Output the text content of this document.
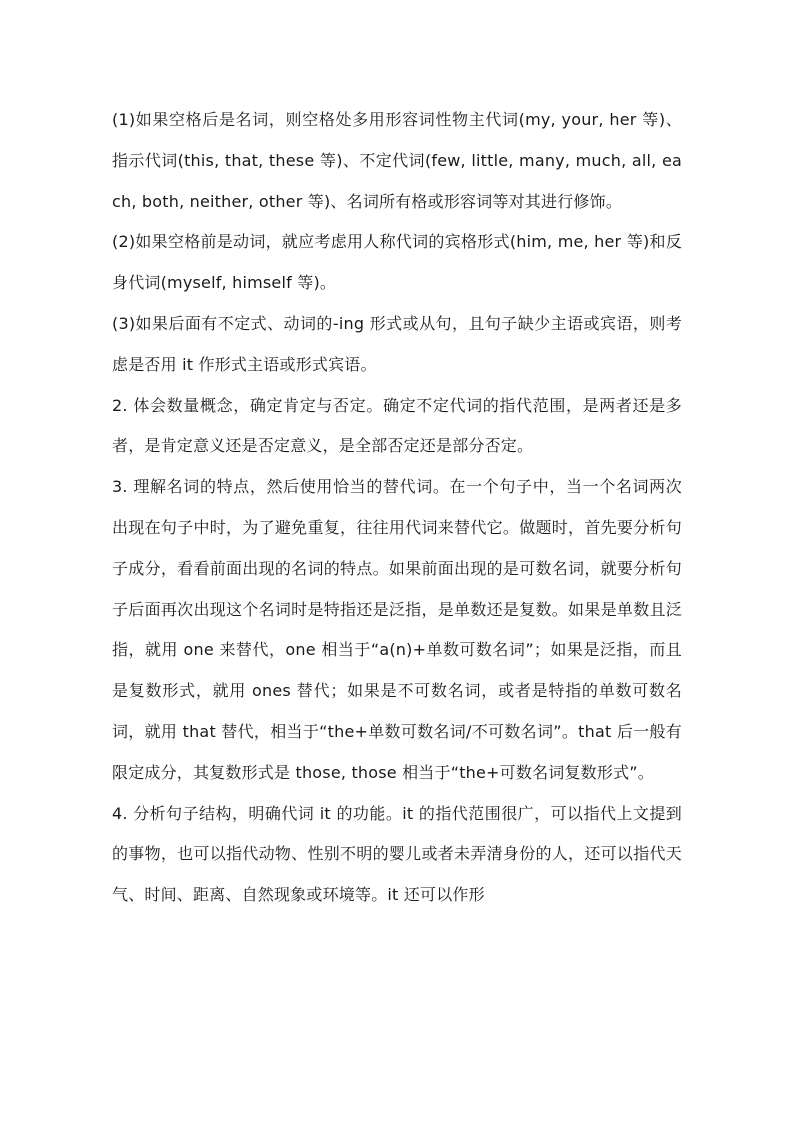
(1)如果空格后是名词，则空格处多用形容词性物主代词(my, your, her 等)、指示代词(this, that, these 等)、不定代词(few, little, many, much, all, each, both, neither, other 等)、名词所有格或形容词等对其进行修饰。

(2)如果空格前是动词，就应考虑用人称代词的宾格形式(him, me, her 等)和反身代词(myself, himself 等)。

(3)如果后面有不定式、动词的-ing 形式或从句，且句子缺少主语或宾语，则考虑是否用 it 作形式主语或形式宾语。

2. 体会数量概念，确定肯定与否定。确定不定代词的指代范围，是两者还是多者，是肯定意义还是否定意义，是全部否定还是部分否定。

3. 理解名词的特点，然后使用恰当的替代词。在一个句子中，当一个名词两次出现在句子中时，为了避免重复，往往用代词来替代它。做题时，首先要分析句子成分，看看前面出现的名词的特点。如果前面出现的是可数名词，就要分析句子后面再次出现这个名词时是特指还是泛指，是单数还是复数。如果是单数且泛指，就用 one 来替代，one 相当于“a(n)+单数可数名词”；如果是泛指，而且是复数形式，就用 ones 替代；如果是不可数名词，或者是特指的单数可数名词，就用 that 替代，相当于“the+单数可数名词/不可数名词”。that 后一般有限定成分，其复数形式是 those, those 相当于“the+可数名词复数形式”。

4. 分析句子结构，明确代词 it 的功能。it 的指代范围很广，可以指代上文提到的事物，也可以指代动物、性别不明的婴儿或者未弄清身份的人，还可以指代天气、时间、距离、自然现象或环境等。it 还可以作形
